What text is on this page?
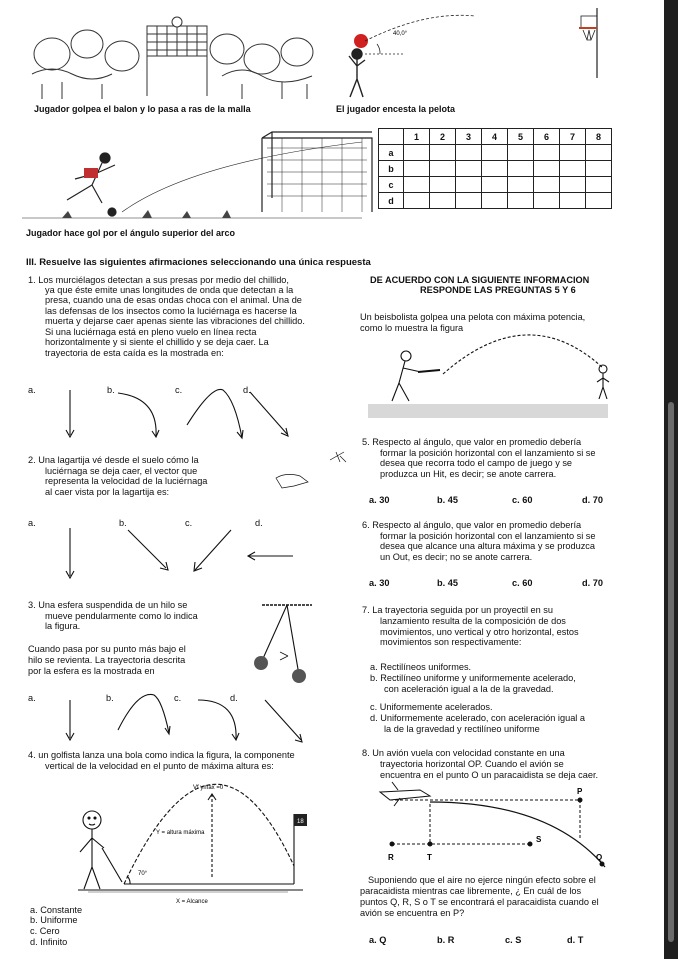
Jugador golpea el balon y lo pasa a ras de la malla
40,0°
El jugador encesta la pelota
Jugador hace gol por el ángulo superior del arco
	1	2	3	4	5	6	7	8
a								
b								
c								
d								
III. Resuelve las siguientes afirmaciones seleccionando una única respuesta
1. Los murciélagos detectan a sus presas por medio del chillido,
ya que éste emite unas longitudes de onda que detectan a la
presa, cuando una de esas ondas choca con el animal. Una de
las defensas de los insectos como la luciérnaga es hacerse la
muerta y dejarse caer apenas siente las vibraciones del chillido.
Si una luciérnaga está en pleno vuelo en línea recta
horizontalmente y si siente el chillido y se deja caer. La
trayectoria de esta caída es la mostrada en:
a.	b.	c.	d.
2. Una lagartija vé desde el suelo cómo la
luciérnaga se deja caer, el vector que
representa la velocidad de la luciérnaga
al caer vista por la lagartija es:
a.	b.	c.	d.
3. Una esfera suspendida de un hilo se
mueve pendularmente como lo indica
la figura.
Cuando pasa por su punto más bajo el
hilo se revienta. La trayectoria descrita
por la esfera es la mostrada en
a.	b.	c.	d.
4. un golfista lanza una bola como indica la figura, la componente
vertical de la velocidad en el punto de máxima altura es:
18
Vf ymax =0
Y = altura máxima
70°
X = Alcance
a. Constante
b. Uniforme
c. Cero
d. Infinito
DE ACUERDO CON LA SIGUIENTE INFORMACION
RESPONDE LAS PREGUNTAS 5 Y 6
Un beisbolista golpea una pelota con máxima potencia,
como lo muestra la figura
5. Respecto al ángulo, que valor en promedio debería
formar la posición horizontal con el lanzamiento si se
desea que recorra todo el campo de juego y se
produzca un Hit, es decir; se anote carrera.
a. 30	b. 45	c. 60	d. 70
6. Respecto al ángulo, que valor en promedio debería
formar la posición horizontal con el lanzamiento si se
desea que alcance una altura máxima y se produzca
un Out, es decir; no se anote carrera.
a. 30	b. 45	c. 60	d. 70
7. La trayectoria seguida por un proyectil en su
lanzamiento resulta de la composición de dos
movimientos, uno vertical y otro horizontal, estos
movimientos son respectivamente:
a. Rectilíneos uniformes.
b. Rectilíneo uniforme y uniformemente acelerado,
con aceleración igual a la de la gravedad.
c. Uniformemente acelerados.
d. Uniformemente acelerado, con aceleración igual a
la de la gravedad y rectilíneo uniforme
8. Un avión vuela con velocidad constante en una
trayectoria horizontal OP. Cuando el avión se
encuentra en el punto O un paracaidista se deja caer.
P
S
R	T	Q
Suponiendo que el aire no ejerce ningún efecto sobre el
paracaidista mientras cae libremente, ¿ En cuál de los
puntos Q, R, S o T se encontrará el paracaidista cuando el
avión se encuentra en P?
a. Q	b. R	c. S	d. T
